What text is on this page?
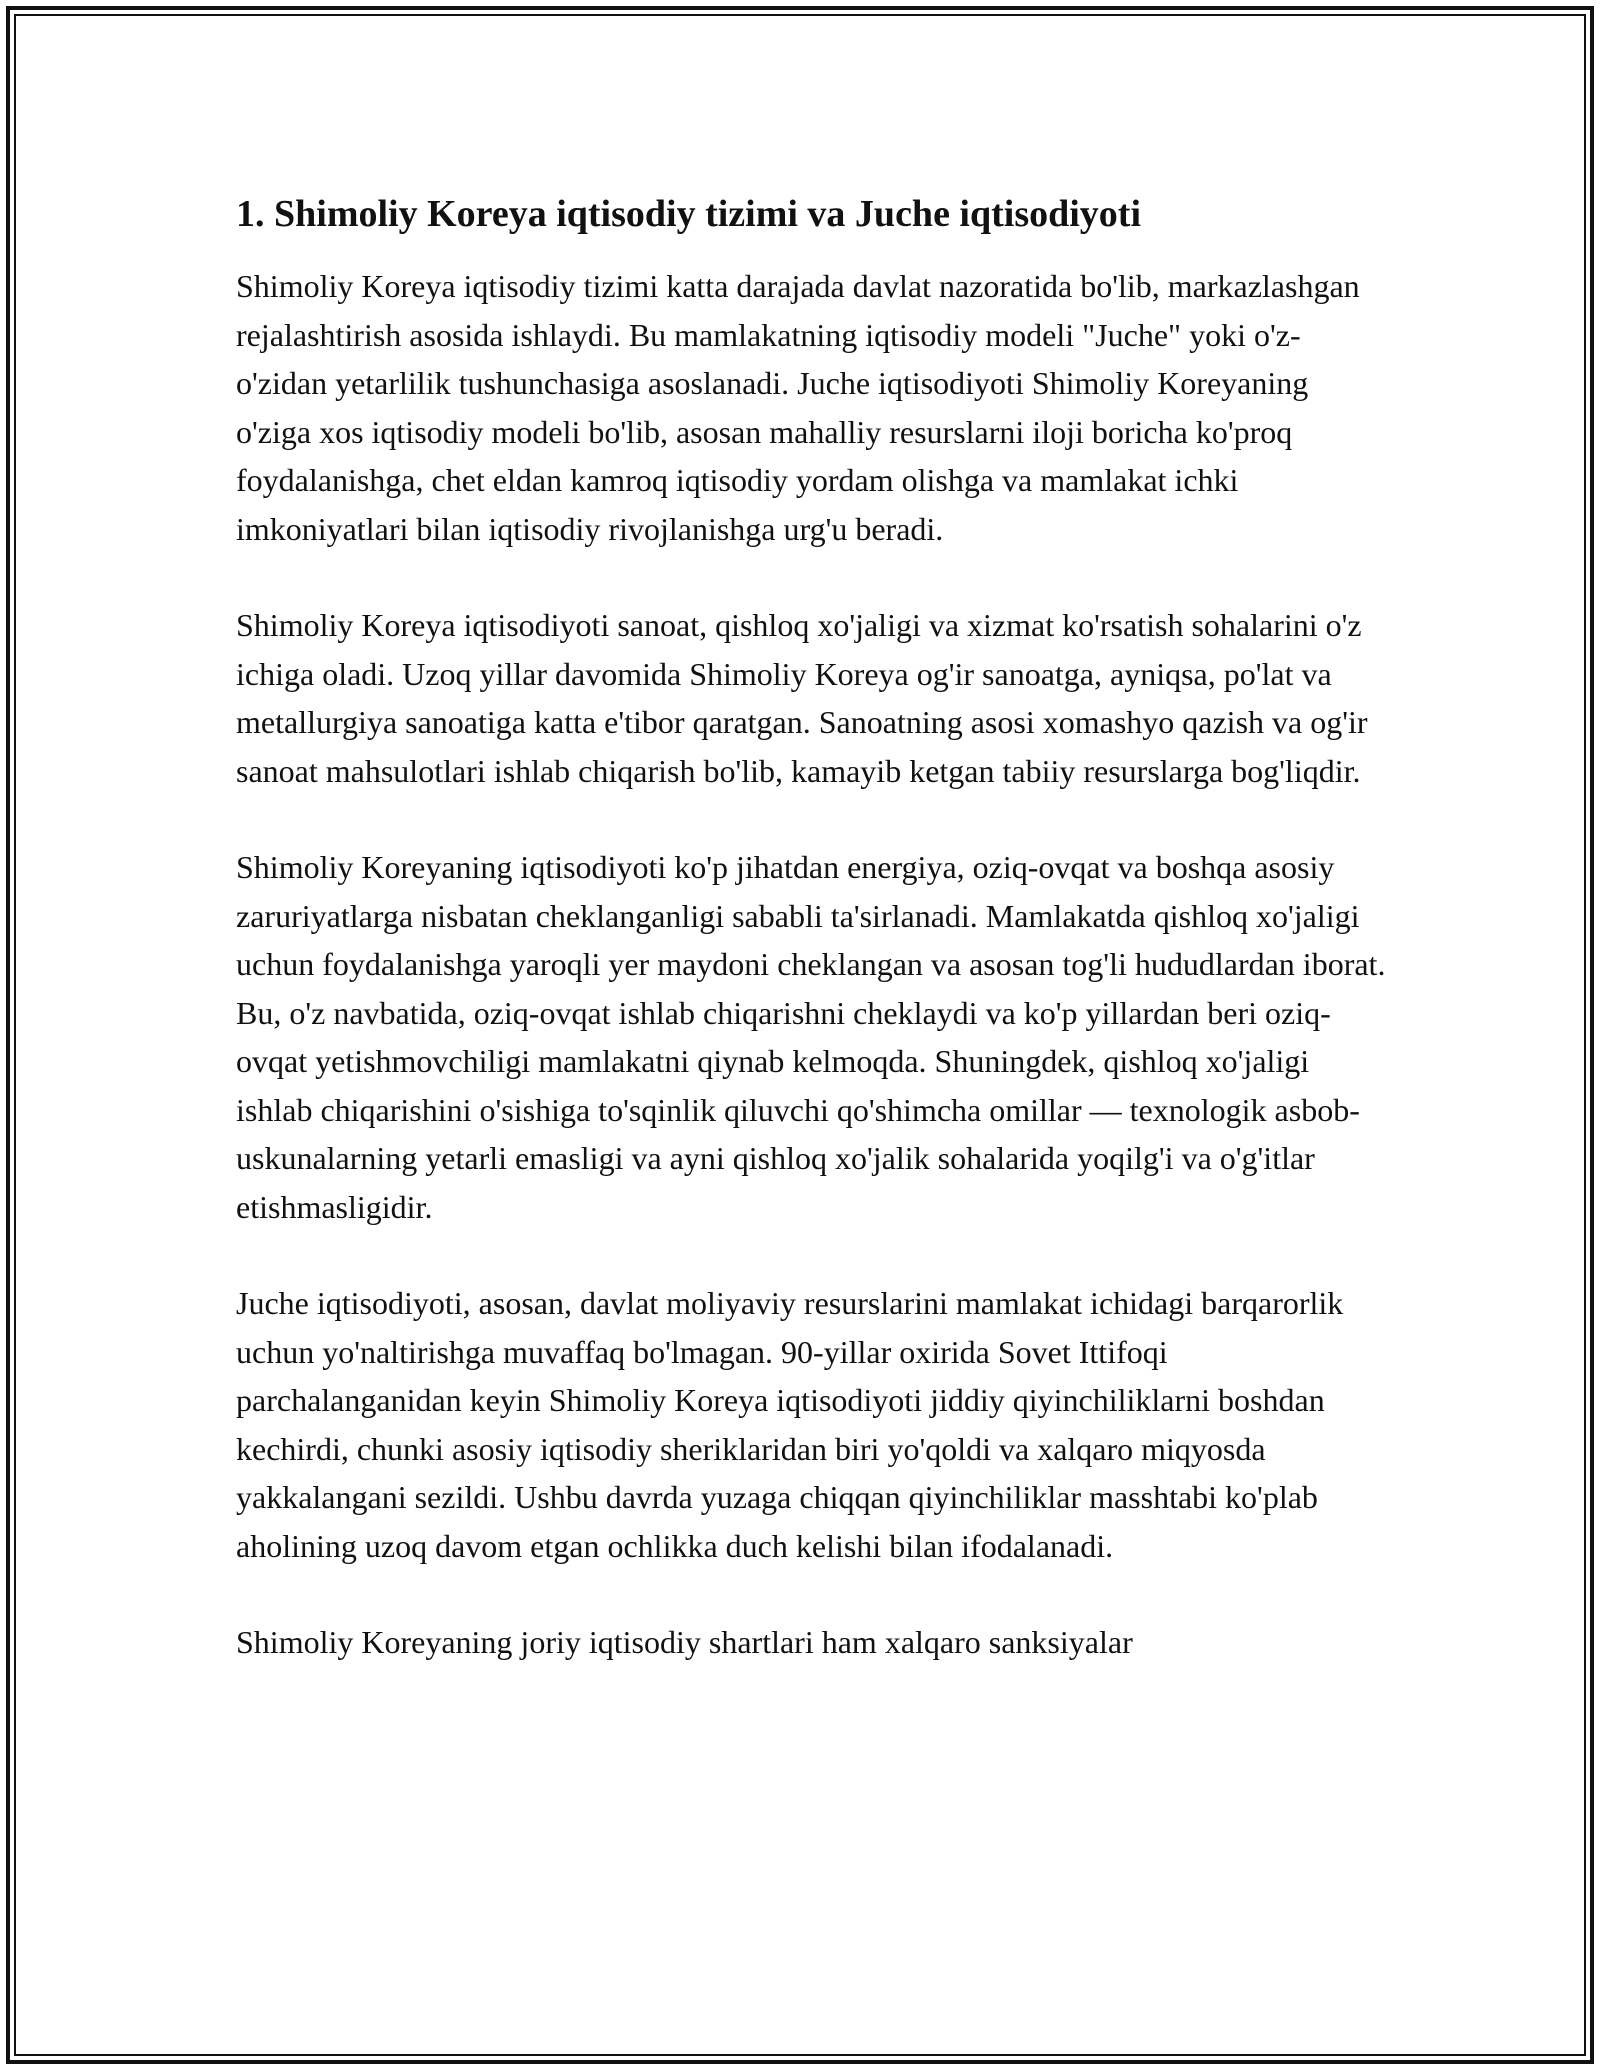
1. Shimoliy Koreya iqtisodiy tizimi va Juche iqtisodiyoti

Shimoliy Koreya iqtisodiy tizimi katta darajada davlat nazoratida bo'lib, markazlashgan rejalashtirish asosida ishlaydi. Bu mamlakatning iqtisodiy modeli "Juche" yoki o'z-o'zidan yetarlilik tushunchasiga asoslanadi. Juche iqtisodiyoti Shimoliy Koreyaning o'ziga xos iqtisodiy modeli bo'lib, asosan mahalliy resurslarni iloji boricha ko'proq foydalanishga, chet eldan kamroq iqtisodiy yordam olishga va mamlakat ichki imkoniyatlari bilan iqtisodiy rivojlanishga urg'u beradi.

Shimoliy Koreya iqtisodiyoti sanoat, qishloq xo'jaligi va xizmat ko'rsatish sohalarini o'z ichiga oladi. Uzoq yillar davomida Shimoliy Koreya og'ir sanoatga, ayniqsa, po'lat va metallurgiya sanoatiga katta e'tibor qaratgan. Sanoatning asosi xomashyo qazish va og'ir sanoat mahsulotlari ishlab chiqarish bo'lib, kamayib ketgan tabiiy resurslarga bog'liqdir.

Shimoliy Koreyaning iqtisodiyoti ko'p jihatdan energiya, oziq-ovqat va boshqa asosiy zaruriyatlarga nisbatan cheklanganligi sababli ta'sirlanadi. Mamlakatda qishloq xo'jaligi uchun foydalanishga yaroqli yer maydoni cheklangan va asosan tog'li hududlardan iborat. Bu, o'z navbatida, oziq-ovqat ishlab chiqarishni cheklaydi va ko'p yillardan beri oziq-ovqat yetishmovchiligi mamlakatni qiynab kelmoqda. Shuningdek, qishloq xo'jaligi ishlab chiqarishini o'sishiga to'sqinlik qiluvchi qo'shimcha omillar — texnologik asbob-uskunalarning yetarli emasligi va ayni qishloq xo'jalik sohalarida yoqilg'i va o'g'itlar etishmasligidir.

Juche iqtisodiyoti, asosan, davlat moliyaviy resurslarini mamlakat ichidagi barqarorlik uchun yo'naltirishga muvaffaq bo'lmagan. 90-yillar oxirida Sovet Ittifoqi parchalanganidan keyin Shimoliy Koreya iqtisodiyoti jiddiy qiyinchiliklarni boshdan kechirdi, chunki asosiy iqtisodiy sheriklaridan biri yo'qoldi va xalqaro miqyosda yakkalangani sezildi. Ushbu davrda yuzaga chiqqan qiyinchiliklar masshtabi ko'plab aholining uzoq davom etgan ochlikka duch kelishi bilan ifodalanadi.

Shimoliy Koreyaning joriy iqtisodiy shartlari ham xalqaro sanksiyalar
